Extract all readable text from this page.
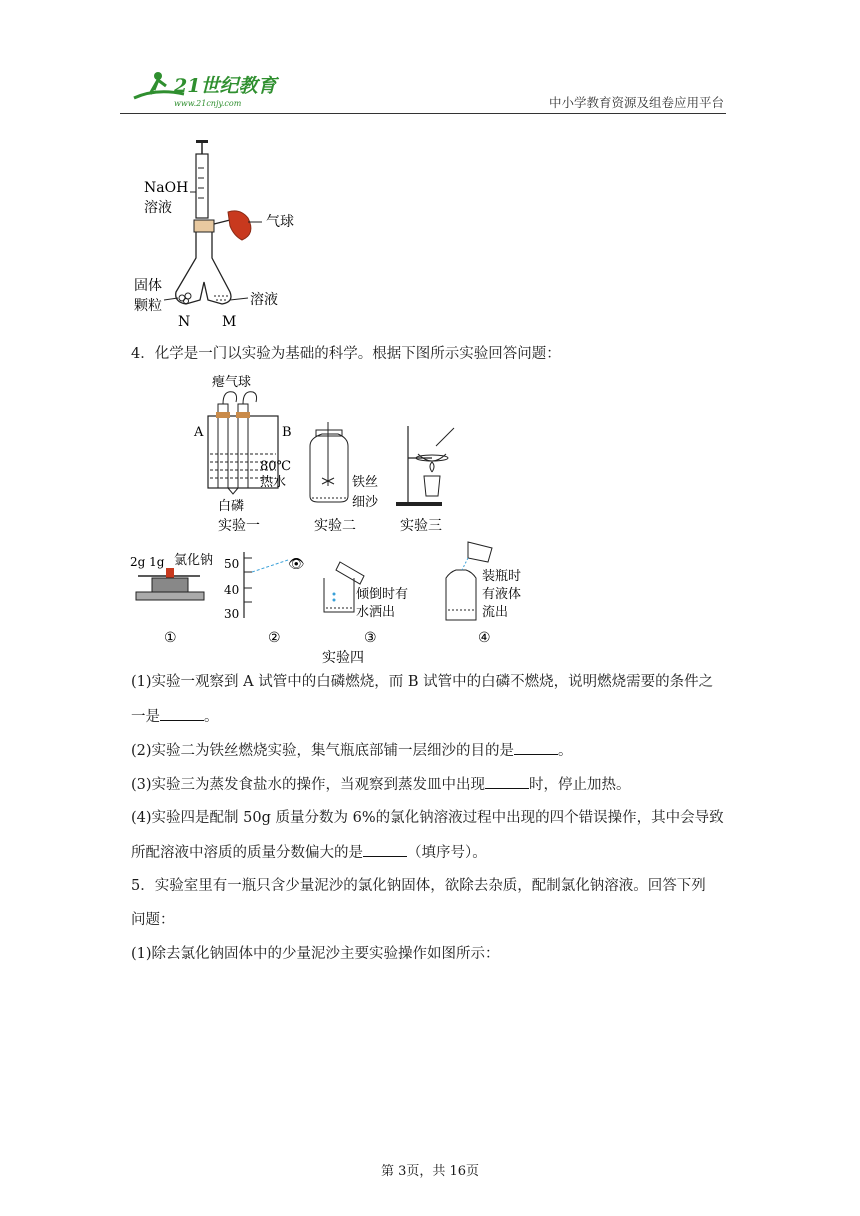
21世纪教育
www.21cnjy.com	中小学教育资源及组卷应用平台
NaOH
溶液
气球
固体
颗粒	溶液
N M
4．化学是一门以实验为基础的科学。根据下图所示实验回答问题：
瘪气球
A	B
80℃
热水
白磷
实验一
铁丝
细沙
实验二	实验三
2g 1g 氯化钠
①
50
40
30
👁
②
倾倒时有
水洒出
③
装瓶时
有液体
流出
④
实验四
(1)实验一观察到 A 试管中的白磷燃烧，而 B 试管中的白磷不燃烧，说明燃烧需要的条件之
一是	。
(2)实验二为铁丝燃烧实验，集气瓶底部铺一层细沙的目的是	。
(3)实验三为蒸发食盐水的操作，当观察到蒸发皿中出现	时，停止加热。
(4)实验四是配制 50g 质量分数为 6%的氯化钠溶液过程中出现的四个错误操作，其中会导致
所配溶液中溶质的质量分数偏大的是	（填序号）。
5．实验室里有一瓶只含少量泥沙的氯化钠固体，欲除去杂质，配制氯化钠溶液。回答下列
问题：
(1)除去氯化钠固体中的少量泥沙主要实验操作如图所示：
第 3页，共 16页
